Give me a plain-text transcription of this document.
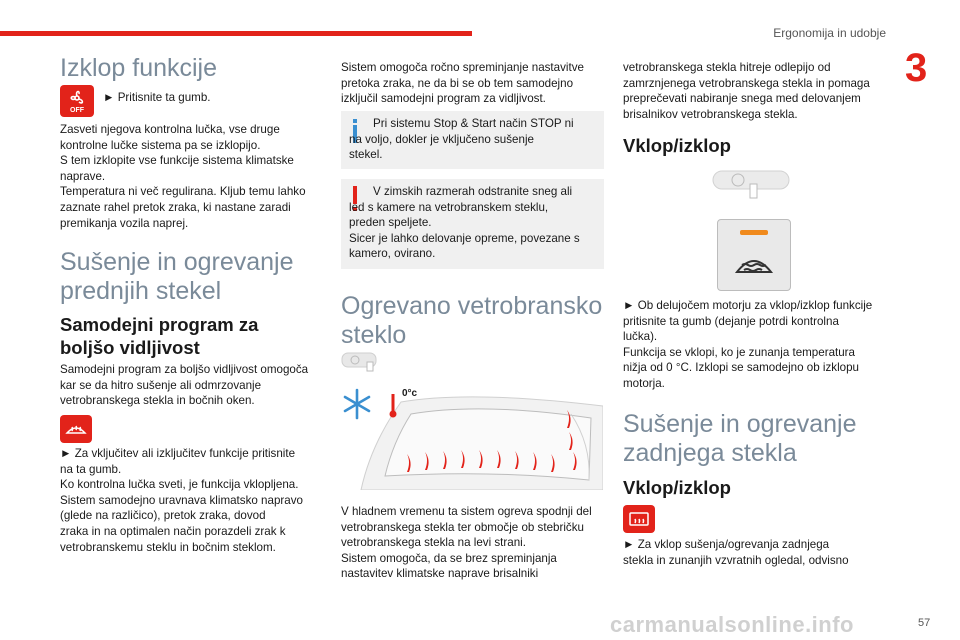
Ergonomija in udobje
3
Izklop funkcije
OFF
► Pritisnite ta gumb.

Zasveti njegova kontrolna lučka, vse druge
kontrolne lučke sistema pa se izklopijo.
S tem izklopite vse funkcije sistema klimatske
naprave.
Temperatura ni več regulirana. Kljub temu lahko
zaznate rahel pretok zraka, ki nastane zaradi
premikanja vozila naprej.

Sušenje in ogrevanje
prednjih stekel
Samodejni program za
boljšo vidljivost

Samodejni program za boljšo vidljivost omogoča
kar se da hitro sušenje ali odmrzovanje
vetrobranskega stekla in bočnih oken.

► Za vključitev ali izključitev funkcije pritisnite
na ta gumb.
Ko kontrolna lučka sveti, je funkcija vklopljena.
Sistem samodejno uravnava klimatsko napravo
(glede na različico), pretok zraka, dovod
zraka in na optimalen način porazdeli zrak k
vetrobranskemu steklu in bočnim steklom.

Sistem omogoča ročno spreminjanje nastavitve
pretoka zraka, ne da bi se ob tem samodejno
izključil samodejni program za vidljivost.

Pri sistemu Stop & Start način STOP ni
na voljo, dokler je vključeno sušenje
stekel.

V zimskih razmerah odstranite sneg ali
led s kamere na vetrobranskem steklu,
preden speljete.
Sicer je lahko delovanje opreme, povezane s
kamero, ovirano.

Ogrevano vetrobransko
steklo
0°c

V hladnem vremenu ta sistem ogreva spodnji del
vetrobranskega stekla ter območje ob stebričku
vetrobranskega stekla na levi strani.
Sistem omogoča, da se brez spreminjanja
nastavitev klimatske naprave brisalniki

vetrobranskega stekla hitreje odlepijo od
zamrznjenega vetrobranskega stekla in pomaga
preprečevati nabiranje snega med delovanjem
brisalnikov vetrobranskega stekla.

Vklop/izklop

► Ob delujočem motorju za vklop/izklop funkcije
pritisnite ta gumb (dejanje potrdi kontrolna
lučka).
Funkcija se vklopi, ko je zunanja temperatura
nižja od 0 °C. Izklopi se samodejno ob izklopu
motorja.

Sušenje in ogrevanje
zadnjega stekla
Vklop/izklop

► Za vklop sušenja/ogrevanja zadnjega
stekla in zunanjih vzvratnih ogledal, odvisno

carmanualsonline.info	57
